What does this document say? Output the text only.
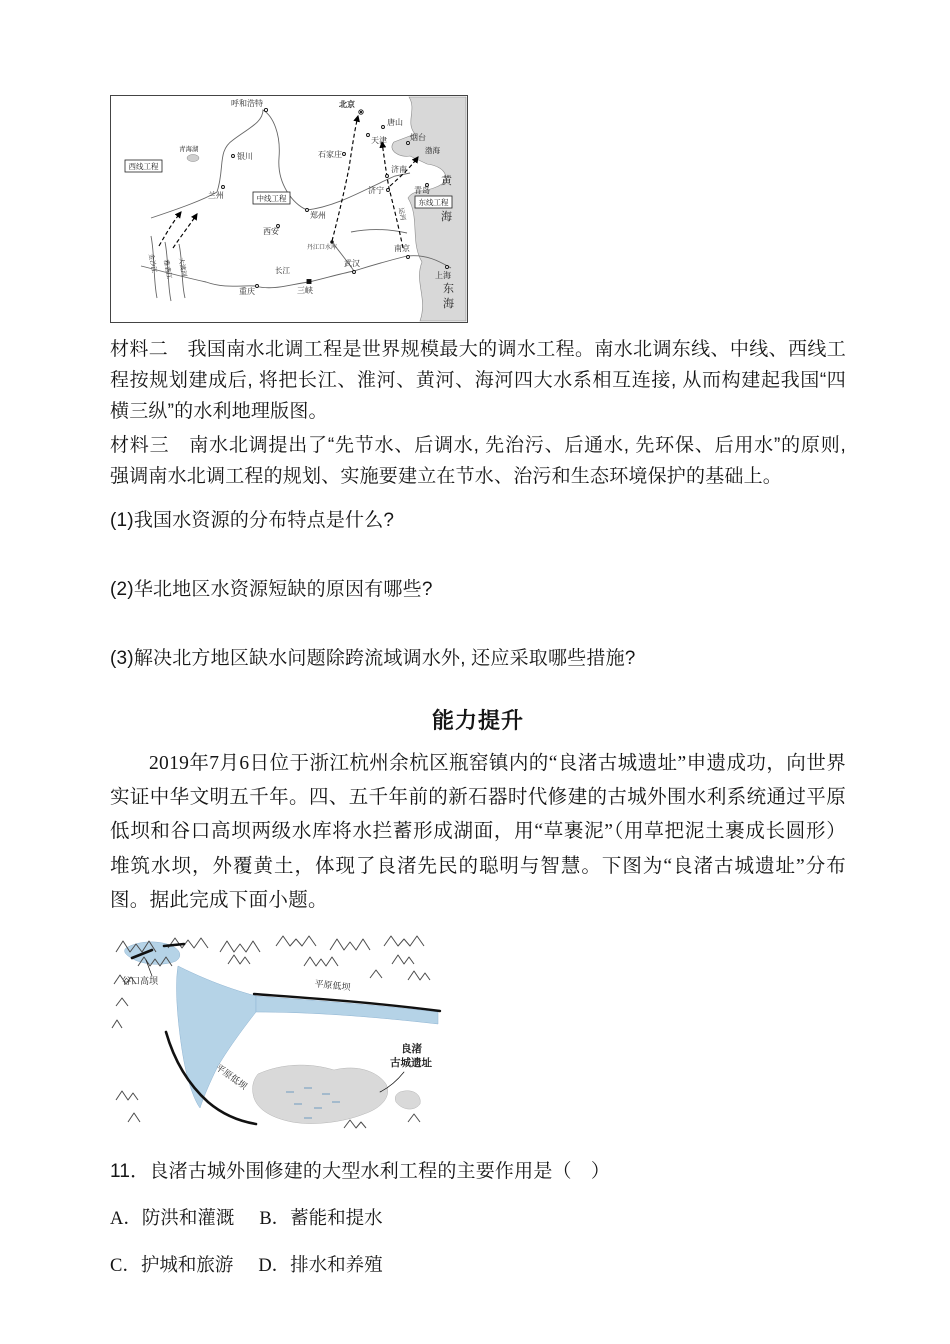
西线工程
中线工程	东线工程
呼和浩特	北京
唐山
天津	烟台
渤海
银川	石家庄
济南
青岛
黄
海
兰州
青海湖
郑州
济宁
运河
西安
丹江口水库	南京
上海
武汉
三峡
重庆
长江
金沙江 雅砻江 大渡河
东
海

材料二　我国南水北调工程是世界规模最大的调水工程。南水北调东线、中线、西线工程按规划建成后, 将把长江、淮河、黄河、海河四大水系相互连接, 从而构建起我国“四横三纵”的水利地理版图。

材料三　南水北调提出了“先节水、后调水, 先治污、后通水, 先环保、后用水”的原则, 强调南水北调工程的规划、实施要建立在节水、治污和生态环境保护的基础上。

(1)我国水资源的分布特点是什么?

(2)华北地区水资源短缺的原因有哪些?

(3)解决北方地区缺水问题除跨流域调水外, 还应采取哪些措施?

能力提升

2019年7月6日位于浙江杭州余杭区瓶窑镇内的“良渚古城遗址”申遗成功，向世界实证中华文明五千年。四、五千年前的新石器时代修建的古城外围水利系统通过平原低坝和谷口高坝两级水库将水拦蓄形成湖面，用“草裹泥”（用草把泥土裹成长圆形）堆筑水坝，外覆黄土，体现了良渚先民的聪明与智慧。下图为“良渚古城遗址”分布图。据此完成下面小题。

谷口高坝	平原低坝
平原低坝
良渚
古城遗址

11．良渚古城外围修建的大型水利工程的主要作用是（　）

A．防洪和灌溉 B．蓄能和提水

C．护城和旅游 D．排水和养殖
